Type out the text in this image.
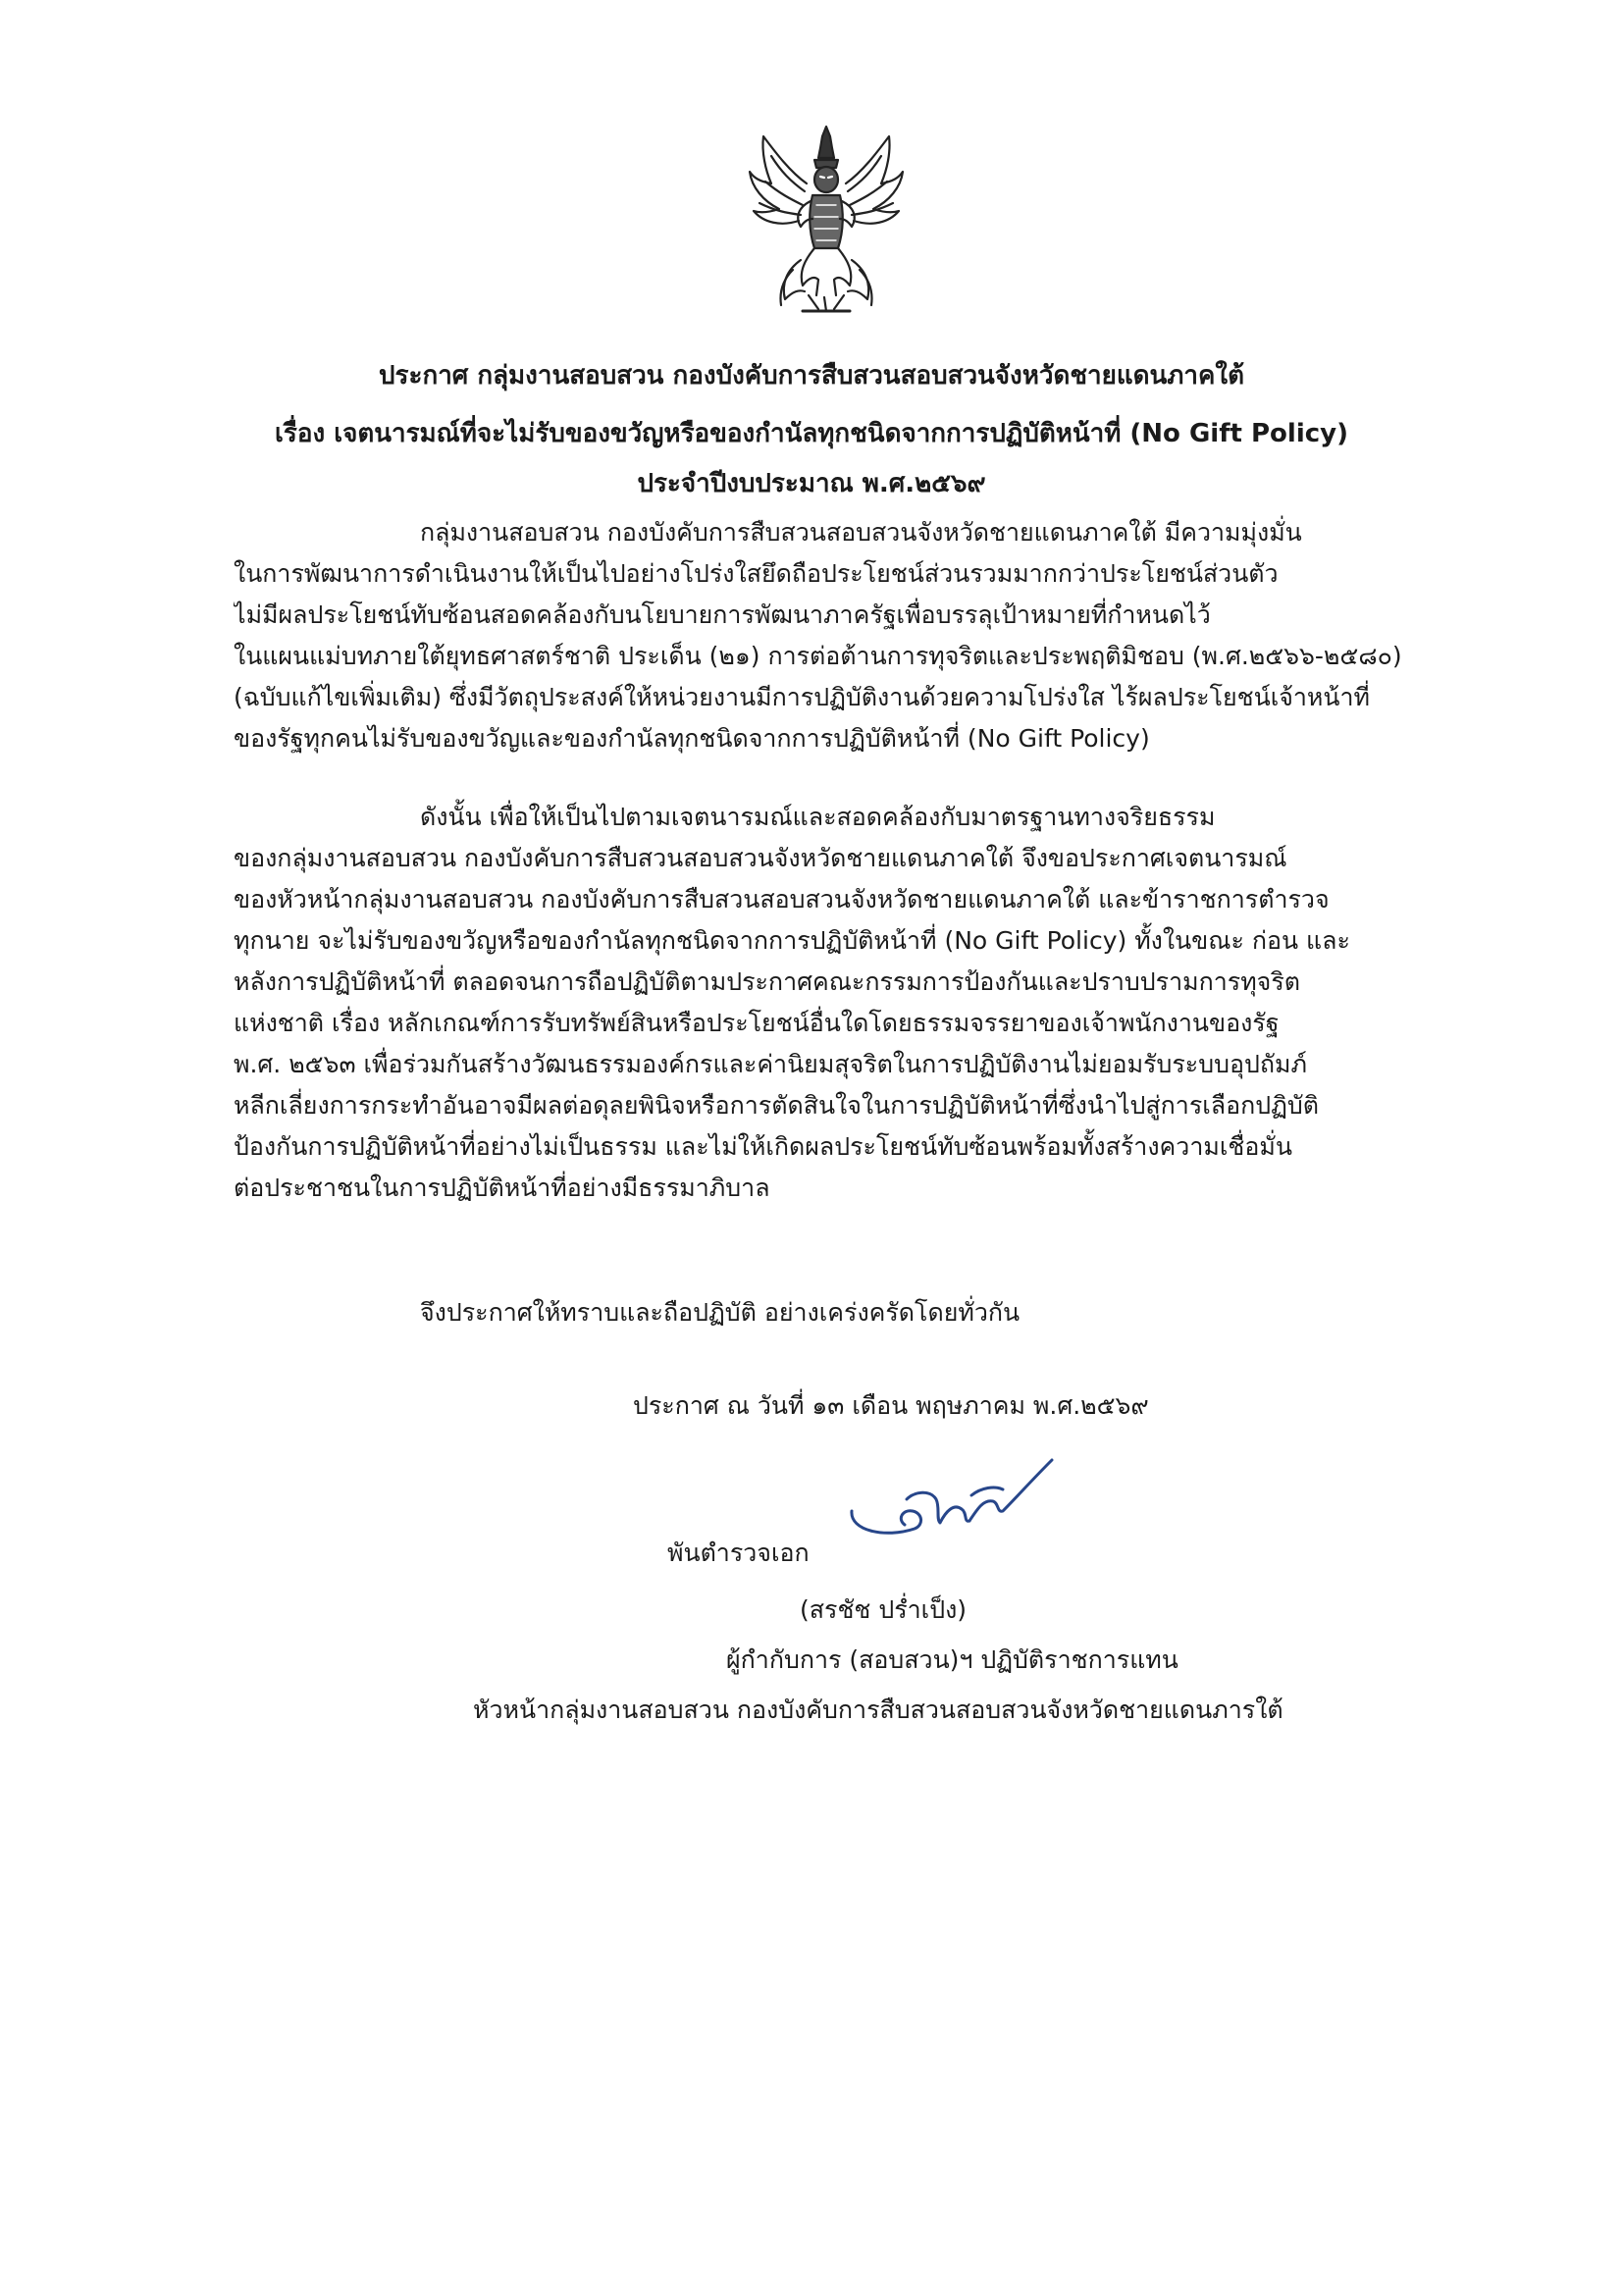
ประกาศ กลุ่มงานสอบสวน กองบังคับการสืบสวนสอบสวนจังหวัดชายแดนภาคใต้
เรื่อง เจตนารมณ์ที่จะไม่รับของขวัญหรือของกำนัลทุกชนิดจากการปฏิบัติหน้าที่ (No Gift Policy)
ประจำปีงบประมาณ พ.ศ.๒๕๖๙
กลุ่มงานสอบสวน กองบังคับการสืบสวนสอบสวนจังหวัดชายแดนภาคใต้ มีความมุ่งมั่น
ในการพัฒนาการดำเนินงานให้เป็นไปอย่างโปร่งใสยึดถือประโยชน์ส่วนรวมมากกว่าประโยชน์ส่วนตัว
ไม่มีผลประโยชน์ทับซ้อนสอดคล้องกับนโยบายการพัฒนาภาครัฐเพื่อบรรลุเป้าหมายที่กำหนดไว้
ในแผนแม่บทภายใต้ยุทธศาสตร์ชาติ ประเด็น (๒๑) การต่อต้านการทุจริตและประพฤติมิชอบ (พ.ศ.๒๕๖๖-๒๕๘๐)
(ฉบับแก้ไขเพิ่มเติม) ซึ่งมีวัตถุประสงค์ให้หน่วยงานมีการปฏิบัติงานด้วยความโปร่งใส ไร้ผลประโยชน์เจ้าหน้าที่
ของรัฐทุกคนไม่รับของขวัญและของกำนัลทุกชนิดจากการปฏิบัติหน้าที่ (No Gift Policy)
ดังนั้น เพื่อให้เป็นไปตามเจตนารมณ์และสอดคล้องกับมาตรฐานทางจริยธรรม
ของกลุ่มงานสอบสวน กองบังคับการสืบสวนสอบสวนจังหวัดชายแดนภาคใต้ จึงขอประกาศเจตนารมณ์
ของหัวหน้ากลุ่มงานสอบสวน กองบังคับการสืบสวนสอบสวนจังหวัดชายแดนภาคใต้ และข้าราชการตำรวจ
ทุกนาย จะไม่รับของขวัญหรือของกำนัลทุกชนิดจากการปฏิบัติหน้าที่ (No Gift Policy) ทั้งในขณะ ก่อน และ
หลังการปฏิบัติหน้าที่ ตลอดจนการถือปฏิบัติตามประกาศคณะกรรมการป้องกันและปราบปรามการทุจริต
แห่งชาติ เรื่อง หลักเกณฑ์การรับทรัพย์สินหรือประโยชน์อื่นใดโดยธรรมจรรยาของเจ้าพนักงานของรัฐ
พ.ศ. ๒๕๖๓ เพื่อร่วมกันสร้างวัฒนธรรมองค์กรและค่านิยมสุจริตในการปฏิบัติงานไม่ยอมรับระบบอุปถัมภ์
หลีกเลี่ยงการกระทำอันอาจมีผลต่อดุลยพินิจหรือการตัดสินใจในการปฏิบัติหน้าที่ซึ่งนำไปสู่การเลือกปฏิบัติ
ป้องกันการปฏิบัติหน้าที่อย่างไม่เป็นธรรม และไม่ให้เกิดผลประโยชน์ทับซ้อนพร้อมทั้งสร้างความเชื่อมั่น
ต่อประชาชนในการปฏิบัติหน้าที่อย่างมีธรรมาภิบาล
จึงประกาศให้ทราบและถือปฏิบัติ อย่างเคร่งครัดโดยทั่วกัน
ประกาศ ณ วันที่ ๑๓ เดือน พฤษภาคม พ.ศ.๒๕๖๙
พันตำรวจเอก
(สรชัช ปร่ำเป็ง)
ผู้กำกับการ (สอบสวน)ฯ ปฏิบัติราชการแทน
หัวหน้ากลุ่มงานสอบสวน กองบังคับการสืบสวนสอบสวนจังหวัดชายแดนภารใต้
